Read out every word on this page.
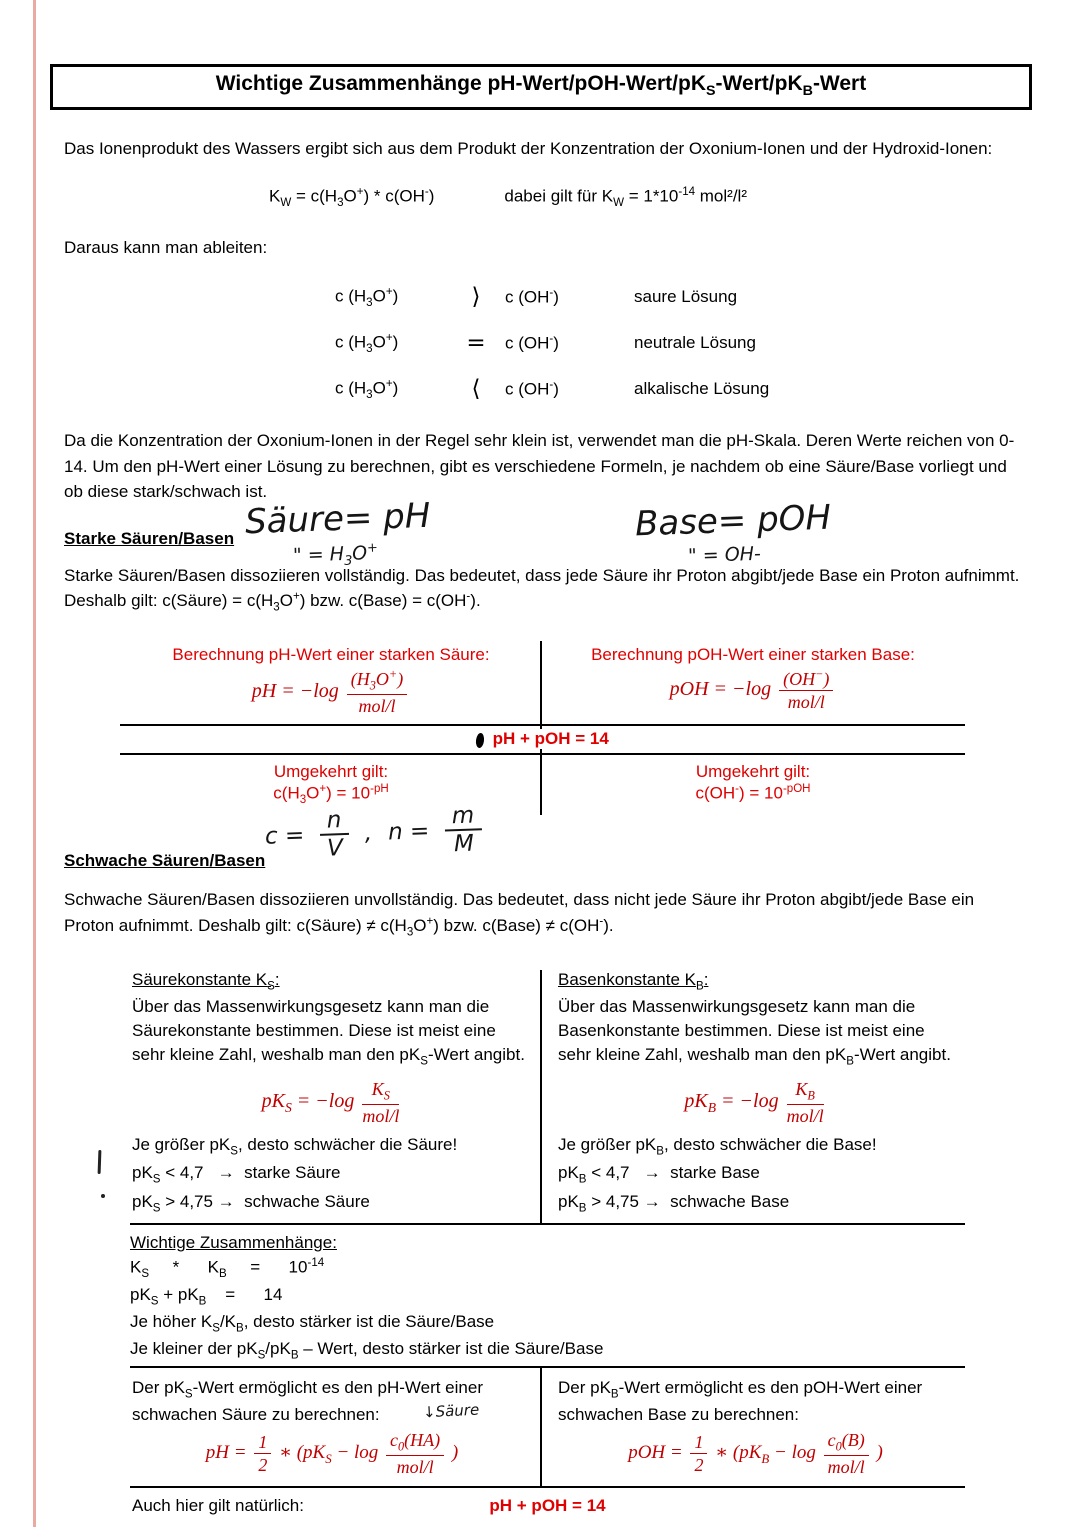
Wichtige Zusammenhänge $pH-Wert/pOH-Wert/pK_S-Wert/pK_B$-Wert

Das Ionenprodukt des Wassers ergibt sich aus dem Produkt der Konzentration der Oxonium-Ionen und der Hydroxid-Ionen:

$K_W = c(H_3O^+) * c(OH^-)$	dabei gilt für $K_W = 1*10^{-14}$ mol²/l²

Daraus kann man ableiten:

c $(H_3O^+)$	⟩	c (OH-)	saure Lösung
c $(H_3O^+)$	=	c (OH-)	neutrale Lösung
c $(H_3O^+)$	⟨	c (OH-)	alkalische Lösung

Da die Konzentration der Oxonium-Ionen in der Regel sehr klein ist, verwendet man die pH-Skala. Deren Werte reichen von 0-14. Um den pH-Wert einer Lösung zu berechnen, gibt es verschiedene Formeln, je nachdem ob eine Säure/Base vorliegt und ob diese stark/schwach ist.

Säure= pH
" = $H_3O^+$
Base= pOH
" = OH-
Starke Säuren/Basen

Starke Säuren/Basen dissoziieren vollständig. Das bedeutet, dass jede Säure ihr Proton abgibt/jede Base ein Proton aufnimmt. Deshalb gilt: c(Säure) = $c(H_3O^+)$ bzw. c(Base) = c(OH-).

Berechnung pH-Wert einer starken Säure:
pH = $-\log \frac{(H_3O^+)}{\text{mol/l}}$
Berechnung pOH-Wert einer starken Base:
pOH = $-\log \frac{(OH^-)}{\text{mol/l}}$
pH + pOH = 14
Umgekehrt gilt:
$c(H_3O^+) = 10^{-pH}$
Umgekehrt gilt:
$c(OH^-) = 10^{-pOH}$
$c = \frac{n}{V}$ , $n = \frac{m}{M}$
Schwache Säuren/Basen

Schwache Säuren/Basen dissoziieren unvollständig. Das bedeutet, dass nicht jede Säure ihr Proton abgibt/jede Base ein Proton aufnimmt. Deshalb gilt: c(Säure) ≠ $c(H_3O^+)$ bzw. c(Base) ≠ c(OH-).

Säurekonstante $K_S$:

Über das Massenwirkungsgesetz kann man die Säurekonstante bestimmen. Diese ist meist eine sehr kleine Zahl, weshalb man den $pK_S$-Wert angibt.

$pK_S = -\log \frac{K_S}{\text{mol/l}}$
Je größer $pK_S$, desto schwächer die Säure!
$pK_S < 4,7$   →  starke Säure
$pK_S > 4,75$ →  schwache Säure
Basenkonstante $K_B$:

Über das Massenwirkungsgesetz kann man die Basenkonstante bestimmen. Diese ist meist eine sehr kleine Zahl, weshalb man den $pK_B$-Wert angibt.

$pK_B = -\log \frac{K_B}{\text{mol/l}}$
Je größer $pK_B$, desto schwächer die Base!
$pK_B < 4,7$   →  starke Base
$pK_B > 4,75$ →  schwache Base
Wichtige Zusammenhänge:
$K_S$     *      $K_B$     =      $10^{-14}$
$pK_S + pK_B$    =      14
Je höher $K_S/K_B$, desto stärker ist die Säure/Base
Je kleiner der $pK_S/pK_B$ – Wert, desto stärker ist die Säure/Base

Der $pK_S$-Wert ermöglicht es den pH-Wert einer schwachen Säure zu berechnen:	↓Säure
pH = $\frac{1}{2}$ ∗ ($pK_S - \log \frac{c_0(HA)}{\text{mol/l}}$ )

Der $pK_B$-Wert ermöglicht es den pOH-Wert einer schwachen Base zu berechnen:

pOH = $\frac{1}{2}$ ∗ ($pK_B - \log \frac{c_0(B)}{\text{mol/l}}$ )
Auch hier gilt natürlich:	pH + pOH = 14
